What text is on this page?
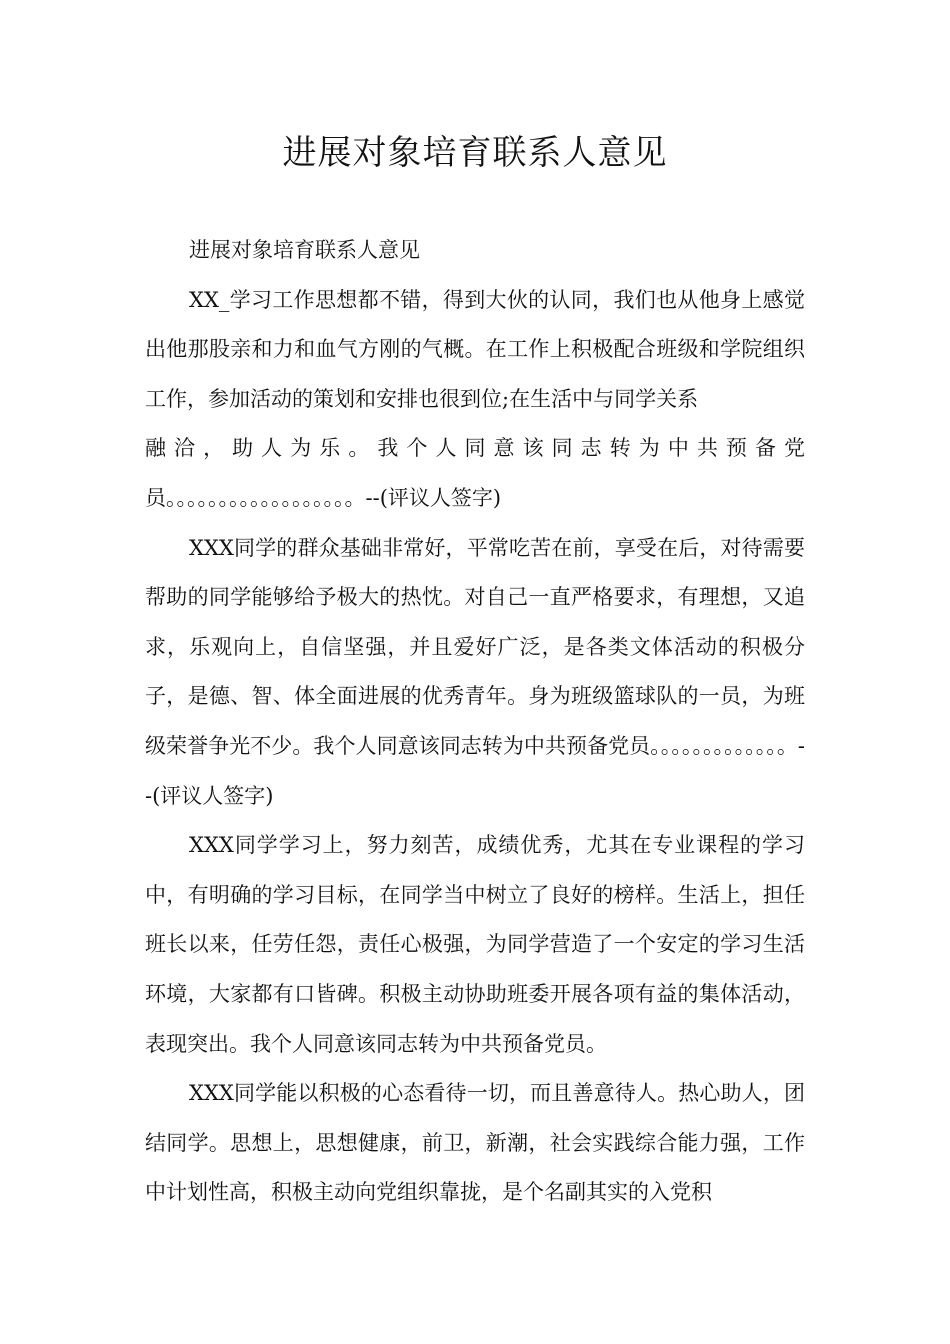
进展对象培育联系人意见

进展对象培育联系人意见

XX_学习工作思想都不错，得到大伙的认同，我们也从他身上感觉出他那股亲和力和血气方刚的气概。在工作上积极配合班级和学院组织工作，参加活动的策划和安排也很到位;在生活中与同学关系

融 洽 ， 助 人 为 乐 。 我 个 人 同 意 该 同 志 转 为 中 共 预 备 党

员。。。。。。。。。。。。。。。。。。--(评议人签字)

XXX同学的群众基础非常好，平常吃苦在前，享受在后，对待需要帮助的同学能够给予极大的热忱。对自己一直严格要求，有理想，又追求，乐观向上，自信坚强，并且爱好广泛，是各类文体活动的积极分子，是德、智、体全面进展的优秀青年。身为班级篮球队的一员，为班级荣誉争光不少。我个人同意该同志转为中共预备党员。。。。。。。。。。。。。--(评议人签字)

XXX同学学习上，努力刻苦，成绩优秀，尤其在专业课程的学习中，有明确的学习目标，在同学当中树立了良好的榜样。生活上，担任班长以来，任劳任怨，责任心极强，为同学营造了一个安定的学习生活环境，大家都有口皆碑。积极主动协助班委开展各项有益的集体活动，表现突出。我个人同意该同志转为中共预备党员。

XXX同学能以积极的心态看待一切，而且善意待人。热心助人，团结同学。思想上，思想健康，前卫，新潮，社会实践综合能力强，工作中计划性高，积极主动向党组织靠拢，是个名副其实的入党积
